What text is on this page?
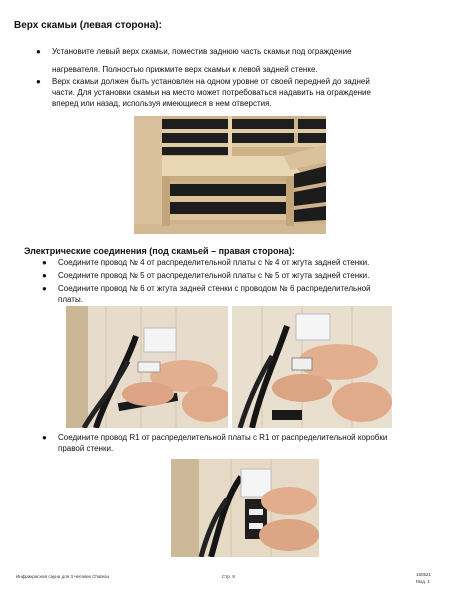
Верх скамьи (левая сторона):
● Установите левый верх скамьи, поместив заднюю часть скамьи под ограждение
нагревателя. Полностью прижмите верх скамьи к левой задней стенке.
● Верх скамьи должен быть установлен на одном уровне от своей передней до задней
части. Для установки скамьи на место может потребоваться надавить на ограждение
вперед или назад, используя имеющиеся в нем отверстия.
Электрические соединения (под скамьей – правая сторона):
● Соедините провод № 4 от распределительной платы с № 4 от жгута задней стенки.
● Соедините провод № 5 от распределительной платы с № 5 от жгута задней стенки.
● Соедините провод № 6 от жгута задней стенки с проводом № 6 распределительной
платы.
● Соедините провод R1 от распределительной платы с R1 от распределительной коробки
правой стенки.
Инфракрасная сауна для 3 человек Chateau	Стр. 8	180521
Мод. 1
